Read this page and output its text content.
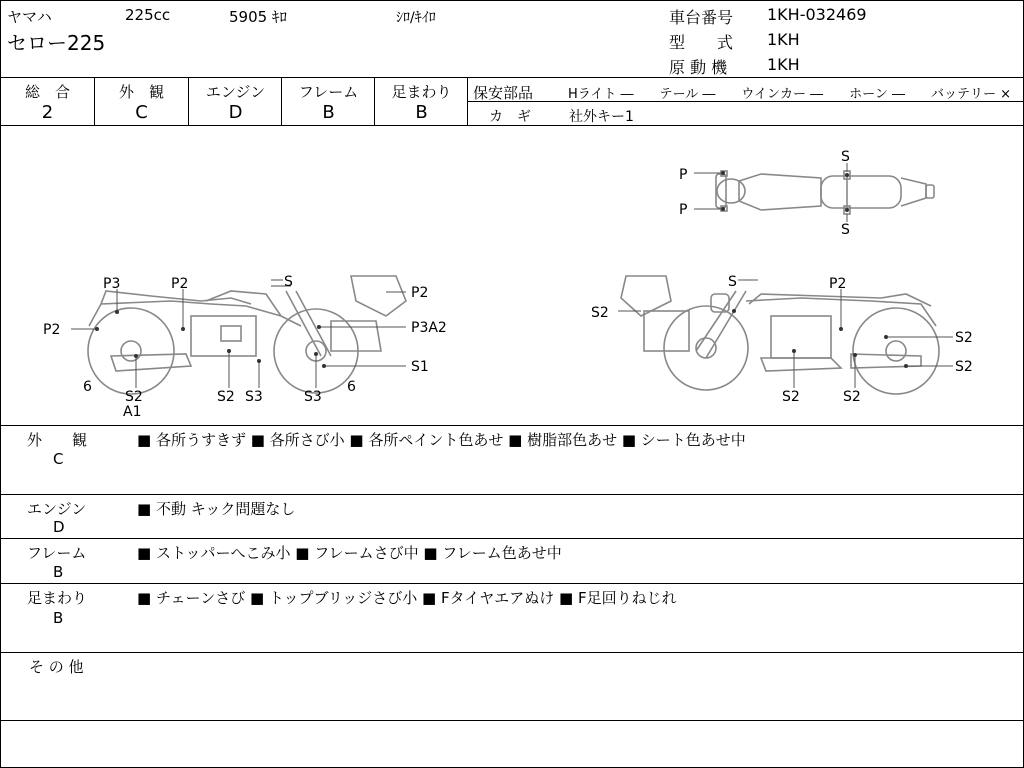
ヤマハ	225cc	5905 ｷﾛ	ｼﾛ/ｷｲﾛ
セロー225
車台番号 1KH-032469
型　　式 1KH
原 動 機 1KH
総　合
2
外　観
C
エンジン
D
フレーム
B
足まわり
B
保安部品	Hライト ―　　テール ―　　ウインカー ―　　ホーン ―　　バッテリー ×
カ　ギ	社外キー1
P
P
S
S
P3	P2	S
P2
P2	P3A2
S1
6	6
S2
A1
S2 S3	S3
S	P2
S2
S2
S2
S2	S2
外　　観
C
■ 各所うすきず ■ 各所さび小 ■ 各所ペイント色あせ ■ 樹脂部色あせ ■ シート色あせ中
エンジン
D
■ 不動 キック問題なし
フレーム
B
■ ストッパーへこみ小 ■ フレームさび中 ■ フレーム色あせ中
足まわり
B
■ チェーンさび ■ トップブリッジさび小 ■ Fタイヤエアぬけ ■ F足回りねじれ
そ の 他
